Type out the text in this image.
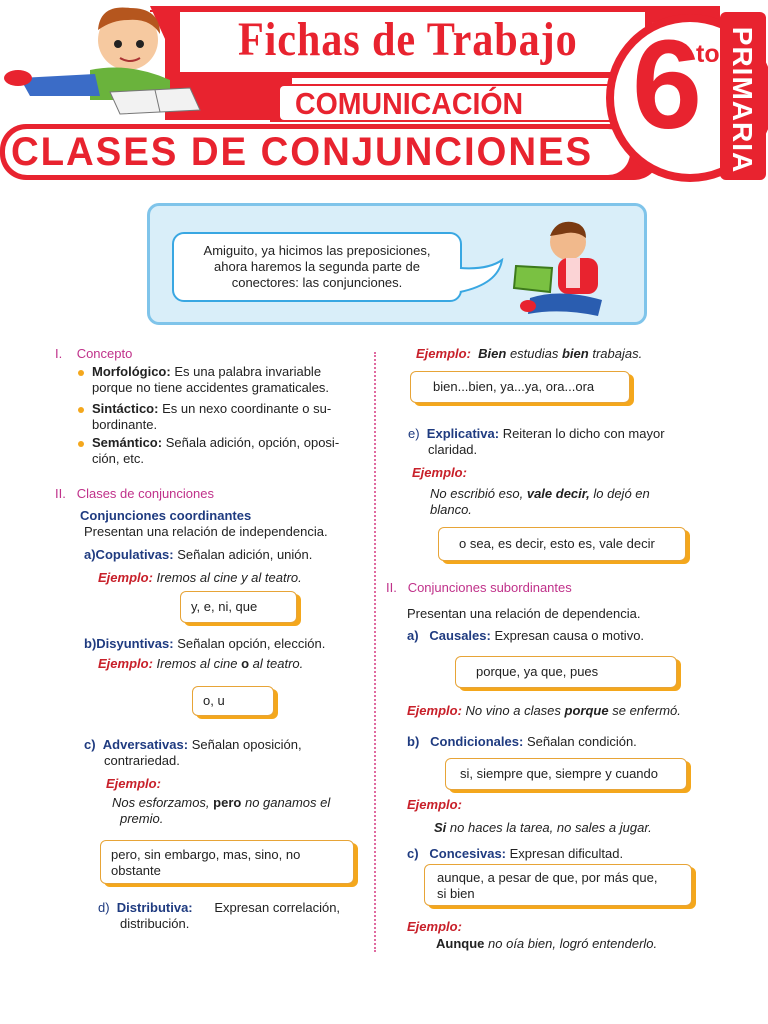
Fichas de Trabajo
COMUNICACIÓN
CLASES DE CONJUNCIONES 6
to PRIMARIA
Amiguito, ya hicimos las preposiciones,
ahora haremos la segunda parte de
conectores: las conjunciones.
I. Concepto
Morfológico: Es una palabra invariable
porque no tiene accidentes gramaticales.
Sintáctico: Es un nexo coordinante o su-
bordinante.
Semántico: Señala adición, opción, oposi-
ción, etc.
II. Clases de conjunciones
Conjunciones coordinantes
Presentan una relación de independencia.
a)Copulativas: Señalan adición, unión.
Ejemplo: Iremos al cine y al teatro.
y, e, ni, que
b)Disyuntivas: Señalan opción, elección.
Ejemplo: Iremos al cine o al teatro.
o, u
c) Adversativas: Señalan oposición,
contrariedad.
Ejemplo:
Nos esforzamos, pero no ganamos el
premio.
pero, sin embargo, mas, sino, no
obstante
d) Distributiva: Expresan correlación,
distribución.
Ejemplo: Bien estudias bien trabajas.
bien...bien, ya...ya, ora...ora
e) Explicativa: Reiteran lo dicho con mayor
claridad.
Ejemplo:
No escribió eso, vale decir, lo dejó en
blanco.
o sea, es decir, esto es, vale decir
II. Conjunciones subordinantes
Presentan una relación de dependencia.
a) Causales: Expresan causa o motivo.
porque, ya que, pues
Ejemplo: No vino a clases porque se enfermó.
b) Condicionales: Señalan condición.
si, siempre que, siempre y cuando
Ejemplo:
Si no haces la tarea, no sales a jugar.
c) Concesivas: Expresan dificultad.
aunque, a pesar de que, por más que,
si bien
Ejemplo:
Aunque no oía bien, logró entenderlo.
